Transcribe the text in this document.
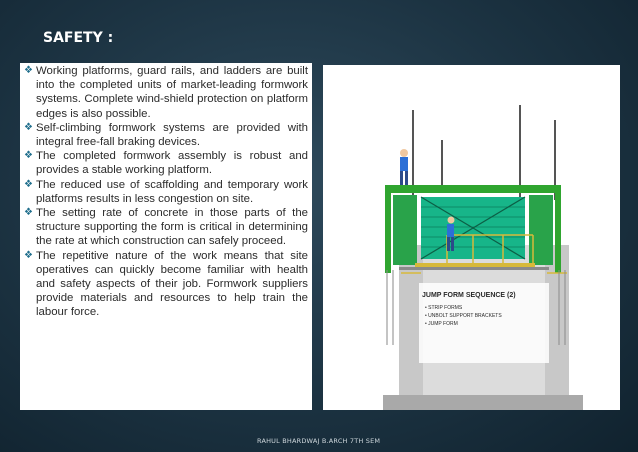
SAFETY :
❖ Working platforms, guard rails, and ladders are built into the completed units of market-leading formwork systems. Complete wind-shield protection on platform edges is also possible.
❖ Self-climbing formwork systems are provided with integral free-fall braking devices.
❖ The completed formwork assembly is robust and provides a stable working platform.
❖ The reduced use of scaffolding and temporary work platforms results in less congestion on site.
❖ The setting rate of concrete in those parts of the structure supporting the form is critical in determining the rate at which construction can safely proceed.
❖ The repetitive nature of the work means that site operatives can quickly become familiar with health and safety aspects of their job. Formwork suppliers provide materials and resources to help train the labour force.
JUMP FORM SEQUENCE (2)
• STRIP FORMS
• UNBOLT SUPPORT BRACKETS
• JUMP FORM
RAHUL BHARDWAJ B.ARCH 7TH SEM
